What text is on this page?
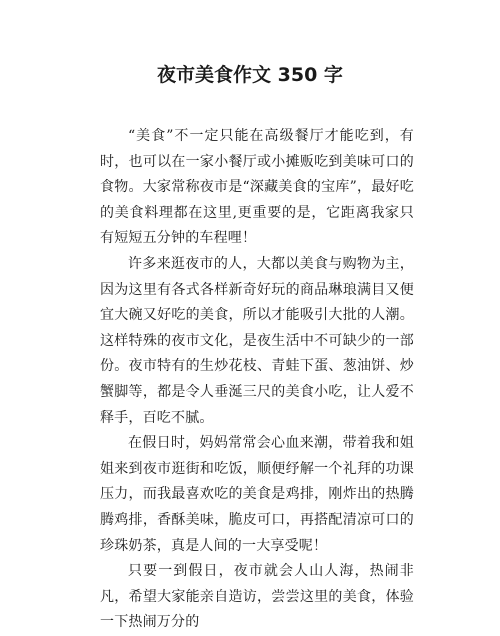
夜市美食作文 350 字

“美食”不一定只能在高级餐厅才能吃到，有时，也可以在一家小餐厅或小摊贩吃到美味可口的食物。大家常称夜市是“深藏美食的宝库”，最好吃的美食料理都在这里,更重要的是，它距离我家只有短短五分钟的车程哩！

许多来逛夜市的人，大都以美食与购物为主，因为这里有各式各样新奇好玩的商品琳琅满目又便宜大碗又好吃的美食，所以才能吸引大批的人潮。这样特殊的夜市文化，是夜生活中不可缺少的一部份。夜市特有的生炒花枝、青蛙下蛋、葱油饼、炒蟹脚等，都是令人垂涎三尺的美食小吃，让人爱不释手，百吃不腻。

在假日时，妈妈常常会心血来潮，带着我和姐姐来到夜市逛街和吃饭，顺便纾解一个礼拜的功课压力，而我最喜欢吃的美食是鸡排，刚炸出的热腾腾鸡排，香酥美味，脆皮可口，再搭配清凉可口的珍珠奶茶，真是人间的一大享受呢！

只要一到假日，夜市就会人山人海，热闹非凡，希望大家能亲自造访，尝尝这里的美食，体验一下热闹万分的
